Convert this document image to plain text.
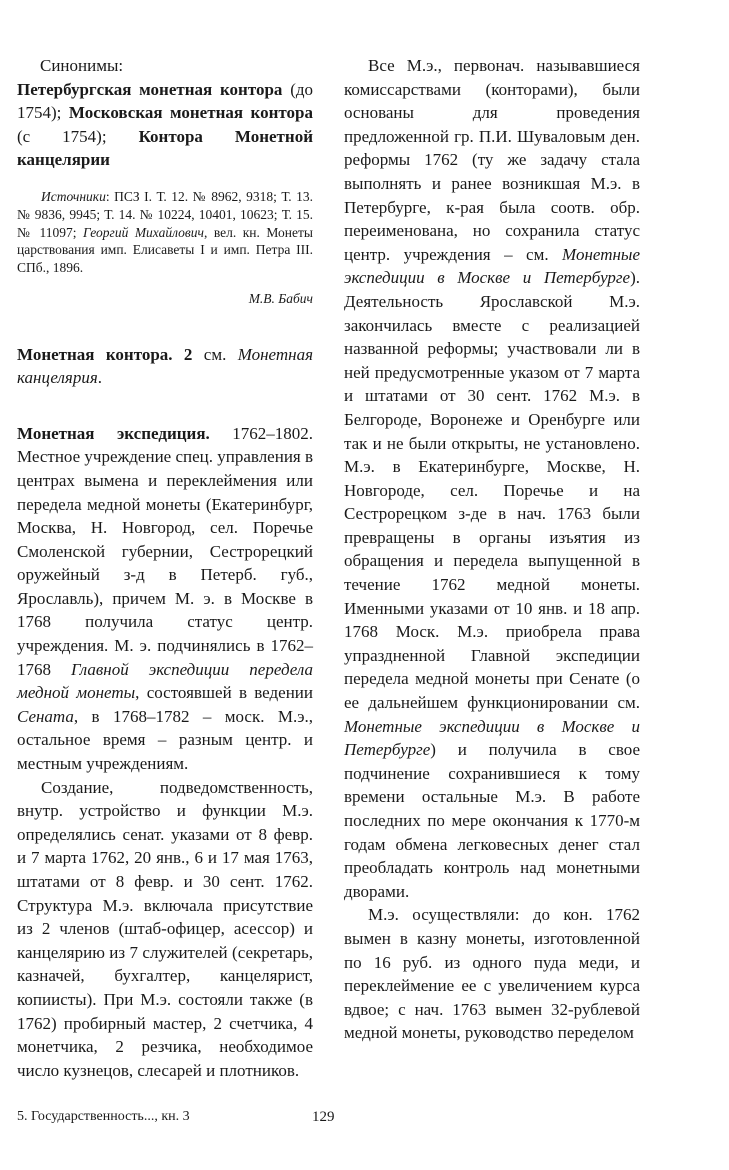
Синонимы:

Петербургская монетная контора (до 1754); Московская монетная контора (с 1754); Контора Монетной канцелярии

Источники: ПСЗ I. Т. 12. № 8962, 9318; Т. 13. № 9836, 9945; Т. 14. № 10224, 10401, 10623; Т. 15. № 11097; Георгий Михайлович, вел. кн. Монеты царствования имп. Елисаветы I и имп. Петра III. СПб., 1896.

М.В. Бабич

Монетная контора. 2 см. Монетная канцелярия.

Монетная экспедиция. 1762–1802. Местное учреждение спец. управления в центрах вымена и переклеймения или передела медной монеты (Екатеринбург, Москва, Н. Новгород, сел. Поречье Смоленской губернии, Сестрорецкий оружейный з-д в Петерб. губ., Ярославль), причем М. э. в Москве в 1768 получила статус центр. учреждения. М. э. подчинялись в 1762–1768 Главной экспедиции передела медной монеты, состоявшей в ведении Сената, в 1768–1782 – моск. М.э., остальное время – разным центр. и местным учреждениям.

Создание, подведомственность, внутр. устройство и функции М.э. определялись сенат. указами от 8 февр. и 7 марта 1762, 20 янв., 6 и 17 мая 1763, штатами от 8 февр. и 30 сент. 1762. Структура М.э. включала присутствие из 2 членов (штаб-офицер, асессор) и канцелярию из 7 служителей (секретарь, казначей, бухгалтер, канцелярист, копиисты). При М.э. состояли также (в 1762) пробирный мастер, 2 счетчика, 4 монетчика, 2 резчика, необходимое число кузнецов, слесарей и плотников.

Все М.э., первонач. называвшиеся комиссарствами (конторами), были основаны для проведения предложенной гр. П.И. Шуваловым ден. реформы 1762 (ту же задачу стала выполнять и ранее возникшая М.э. в Петербурге, к-рая была соотв. обр. переименована, но сохранила статус центр. учреждения – см. Монетные экспедиции в Москве и Петербурге). Деятельность Ярославской М.э. закончилась вместе с реализацией названной реформы; участвовали ли в ней предусмотренные указом от 7 марта и штатами от 30 сент. 1762 М.э. в Белгороде, Воронеже и Оренбурге или так и не были открыты, не установлено. М.э. в Екатеринбурге, Москве, Н. Новгороде, сел. Поречье и на Сестрорецком з-де в нач. 1763 были превращены в органы изъятия из обращения и передела выпущенной в течение 1762 медной монеты. Именными указами от 10 янв. и 18 апр. 1768 Моск. М.э. приобрела права упраздненной Главной экспедиции передела медной монеты при Сенате (о ее дальнейшем функционировании см. Монетные экспедиции в Москве и Петербурге) и получила в свое подчинение сохранившиеся к тому времени остальные М.э. В работе последних по мере окончания к 1770-м годам обмена легковесных денег стал преобладать контроль над монетными дворами.

М.э. осуществляли: до кон. 1762 вымен в казну монеты, изготовленной по 16 руб. из одного пуда меди, и переклеймение ее с увеличением курса вдвое; с нач. 1763 вымен 32-рублевой медной монеты, руководство переделом

5. Государственность..., кн. 3	129
